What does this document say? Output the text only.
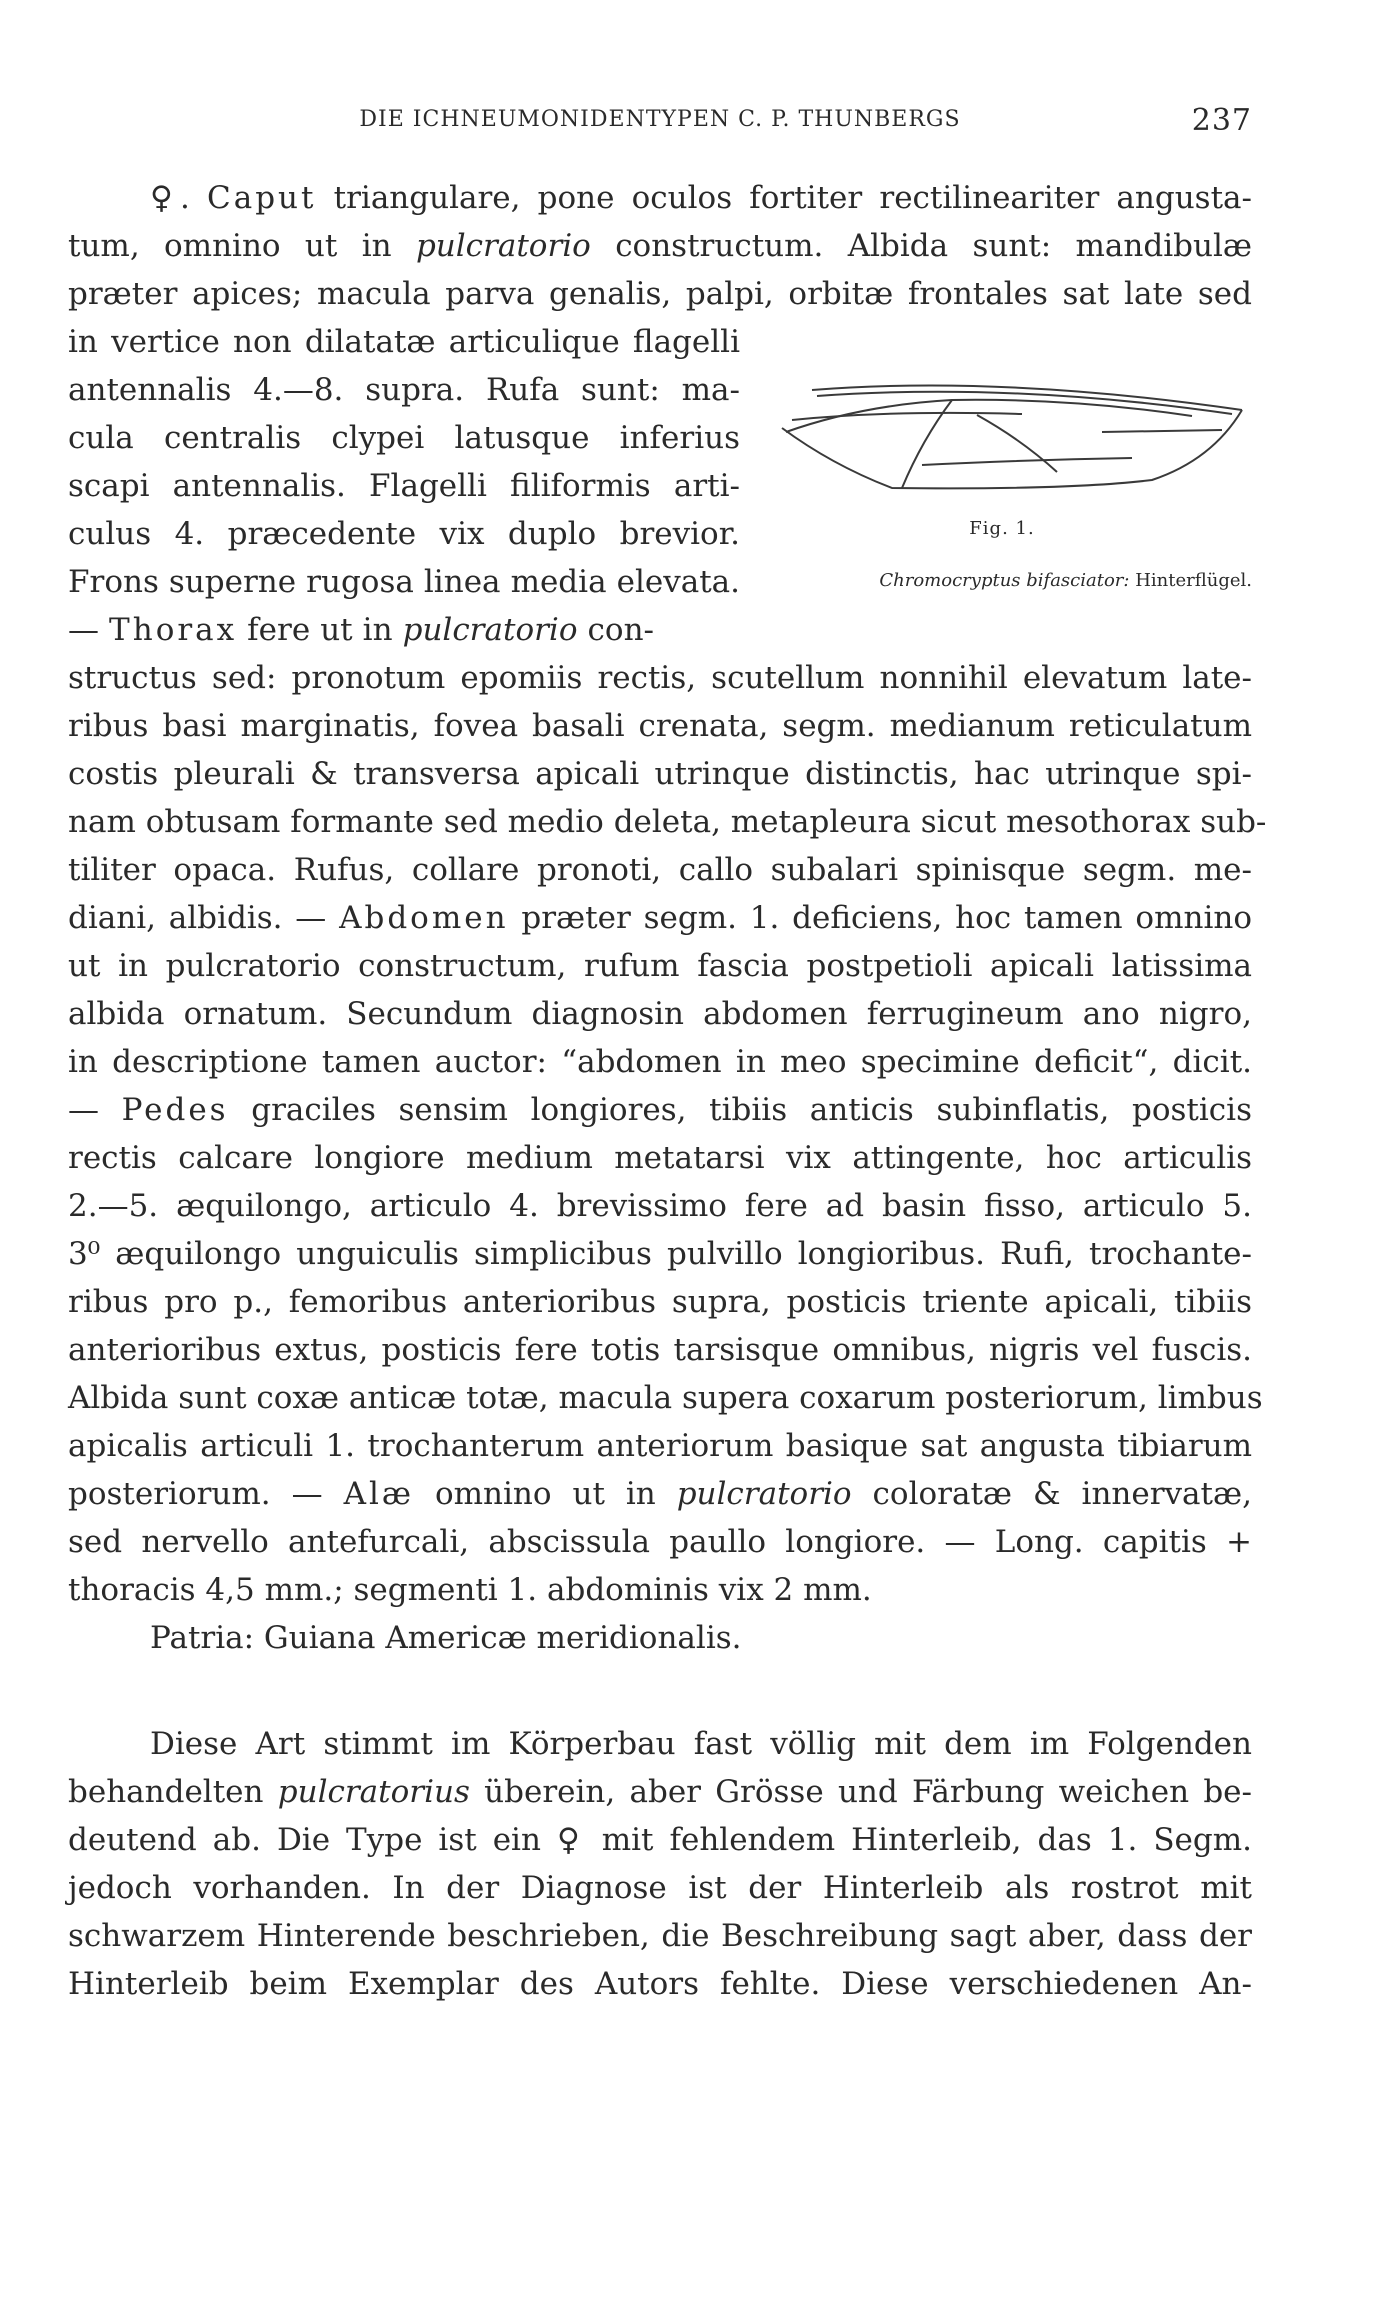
DIE ICHNEUMONIDENTYPEN C. P. THUNBERGS	237
Fig. 1.
Chromocryptus bifasciator: Hinterflügel.
♀. Caput triangulare, pone oculos fortiter rectilineariter angusta-
tum, omnino ut in pulcratorio constructum. Albida sunt: mandibulæ
præter apices; macula parva genalis, palpi, orbitæ frontales sat late sed
in vertice non dilatatæ articulique flagelli
antennalis 4.—8. supra. Rufa sunt: ma-
cula centralis clypei latusque inferius
scapi antennalis. Flagelli filiformis arti-
culus 4. præcedente vix duplo brevior.
Frons superne rugosa linea media elevata.
— Thorax fere ut in pulcratorio con-
structus sed: pronotum epomiis rectis, scutellum nonnihil elevatum late-
ribus basi marginatis, fovea basali crenata, segm. medianum reticulatum
costis pleurali & transversa apicali utrinque distinctis, hac utrinque spi-
nam obtusam formante sed medio deleta, metapleura sicut mesothorax sub-
tiliter opaca. Rufus, collare pronoti, callo subalari spinisque segm. me-
diani, albidis. — Abdomen præter segm. 1. deficiens, hoc tamen omnino
ut in pulcratorio constructum, rufum fascia postpetioli apicali latissima
albida ornatum. Secundum diagnosin abdomen ferrugineum ano nigro,
in descriptione tamen auctor: “abdomen in meo specimine deficit“, dicit.
— Pedes graciles sensim longiores, tibiis anticis subinflatis, posticis
rectis calcare longiore medium metatarsi vix attingente, hoc articulis
2.—5. æquilongo, articulo 4. brevissimo fere ad basin fisso, articulo 5.
3⁰ æquilongo unguiculis simplicibus pulvillo longioribus. Rufi, trochante-
ribus pro p., femoribus anterioribus supra, posticis triente apicali, tibiis
anterioribus extus, posticis fere totis tarsisque omnibus, nigris vel fuscis.
Albida sunt coxæ anticæ totæ, macula supera coxarum posteriorum, limbus
apicalis articuli 1. trochanterum anteriorum basique sat angusta tibiarum
posteriorum. — Alæ omnino ut in pulcratorio coloratæ & innervatæ,
sed nervello antefurcali, abscissula paullo longiore. — Long. capitis +
thoracis 4,5 mm.; segmenti 1. abdominis vix 2 mm.
Patria: Guiana Americæ meridionalis.
Diese Art stimmt im Körperbau fast völlig mit dem im Folgenden
behandelten pulcratorius überein, aber Grösse und Färbung weichen be-
deutend ab. Die Type ist ein ♀ mit fehlendem Hinterleib, das 1. Segm.
jedoch vorhanden. In der Diagnose ist der Hinterleib als rostrot mit
schwarzem Hinterende beschrieben, die Beschreibung sagt aber, dass der
Hinterleib beim Exemplar des Autors fehlte. Diese verschiedenen An-
